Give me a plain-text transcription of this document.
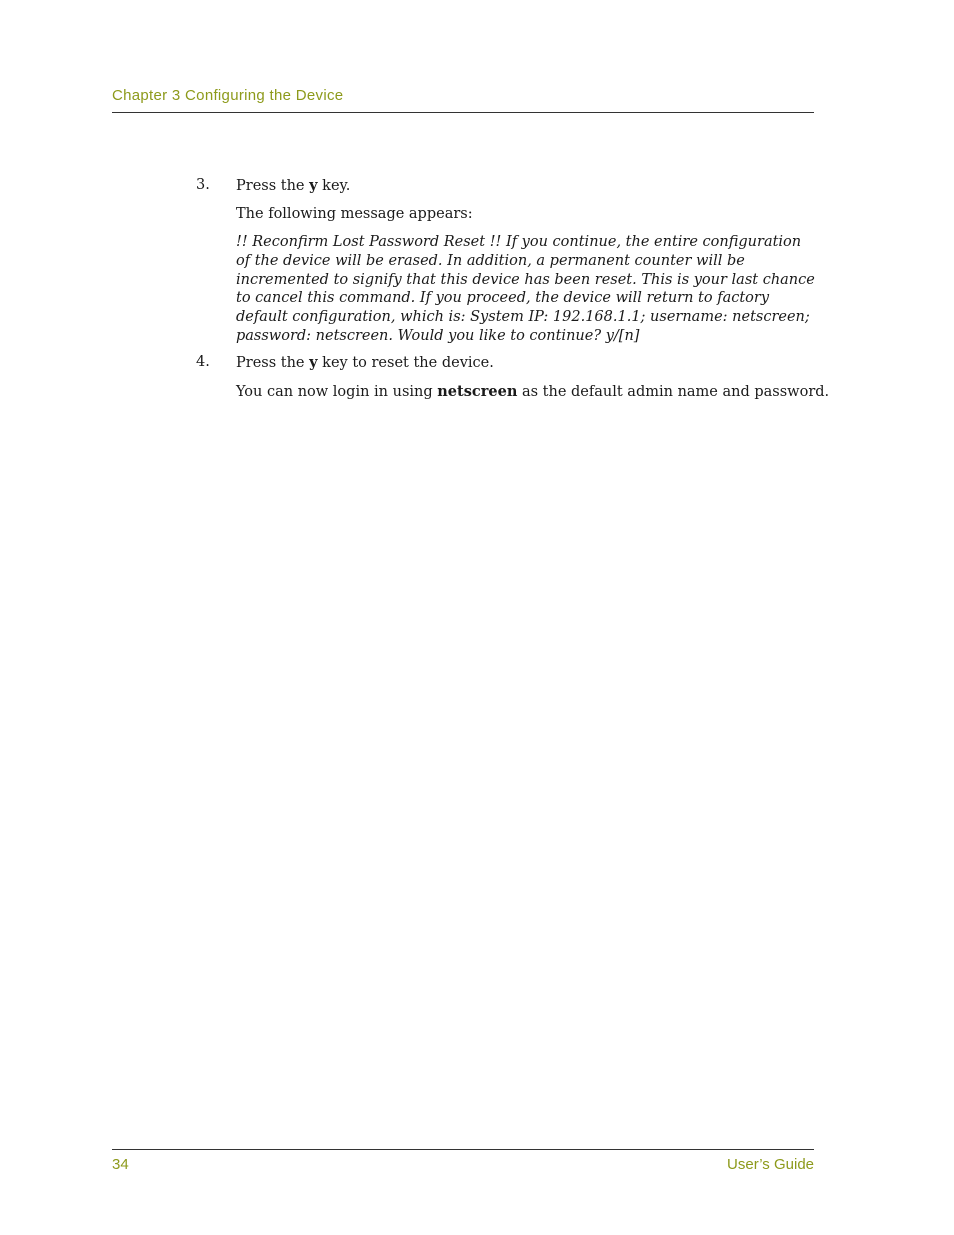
Chapter 3 Configuring the Device
3. Press the y key.
The following message appears:
!! Reconfirm Lost Password Reset !! If you continue, the entire configuration of the device will be erased. In addition, a permanent counter will be incremented to signify that this device has been reset. This is your last chance to cancel this command. If you proceed, the device will return to factory default configuration, which is: System IP: 192.168.1.1; username: netscreen; password: netscreen. Would you like to continue? y/[n]
4. Press the y key to reset the device.
You can now login in using netscreen as the default admin name and password.
34	User’s Guide
